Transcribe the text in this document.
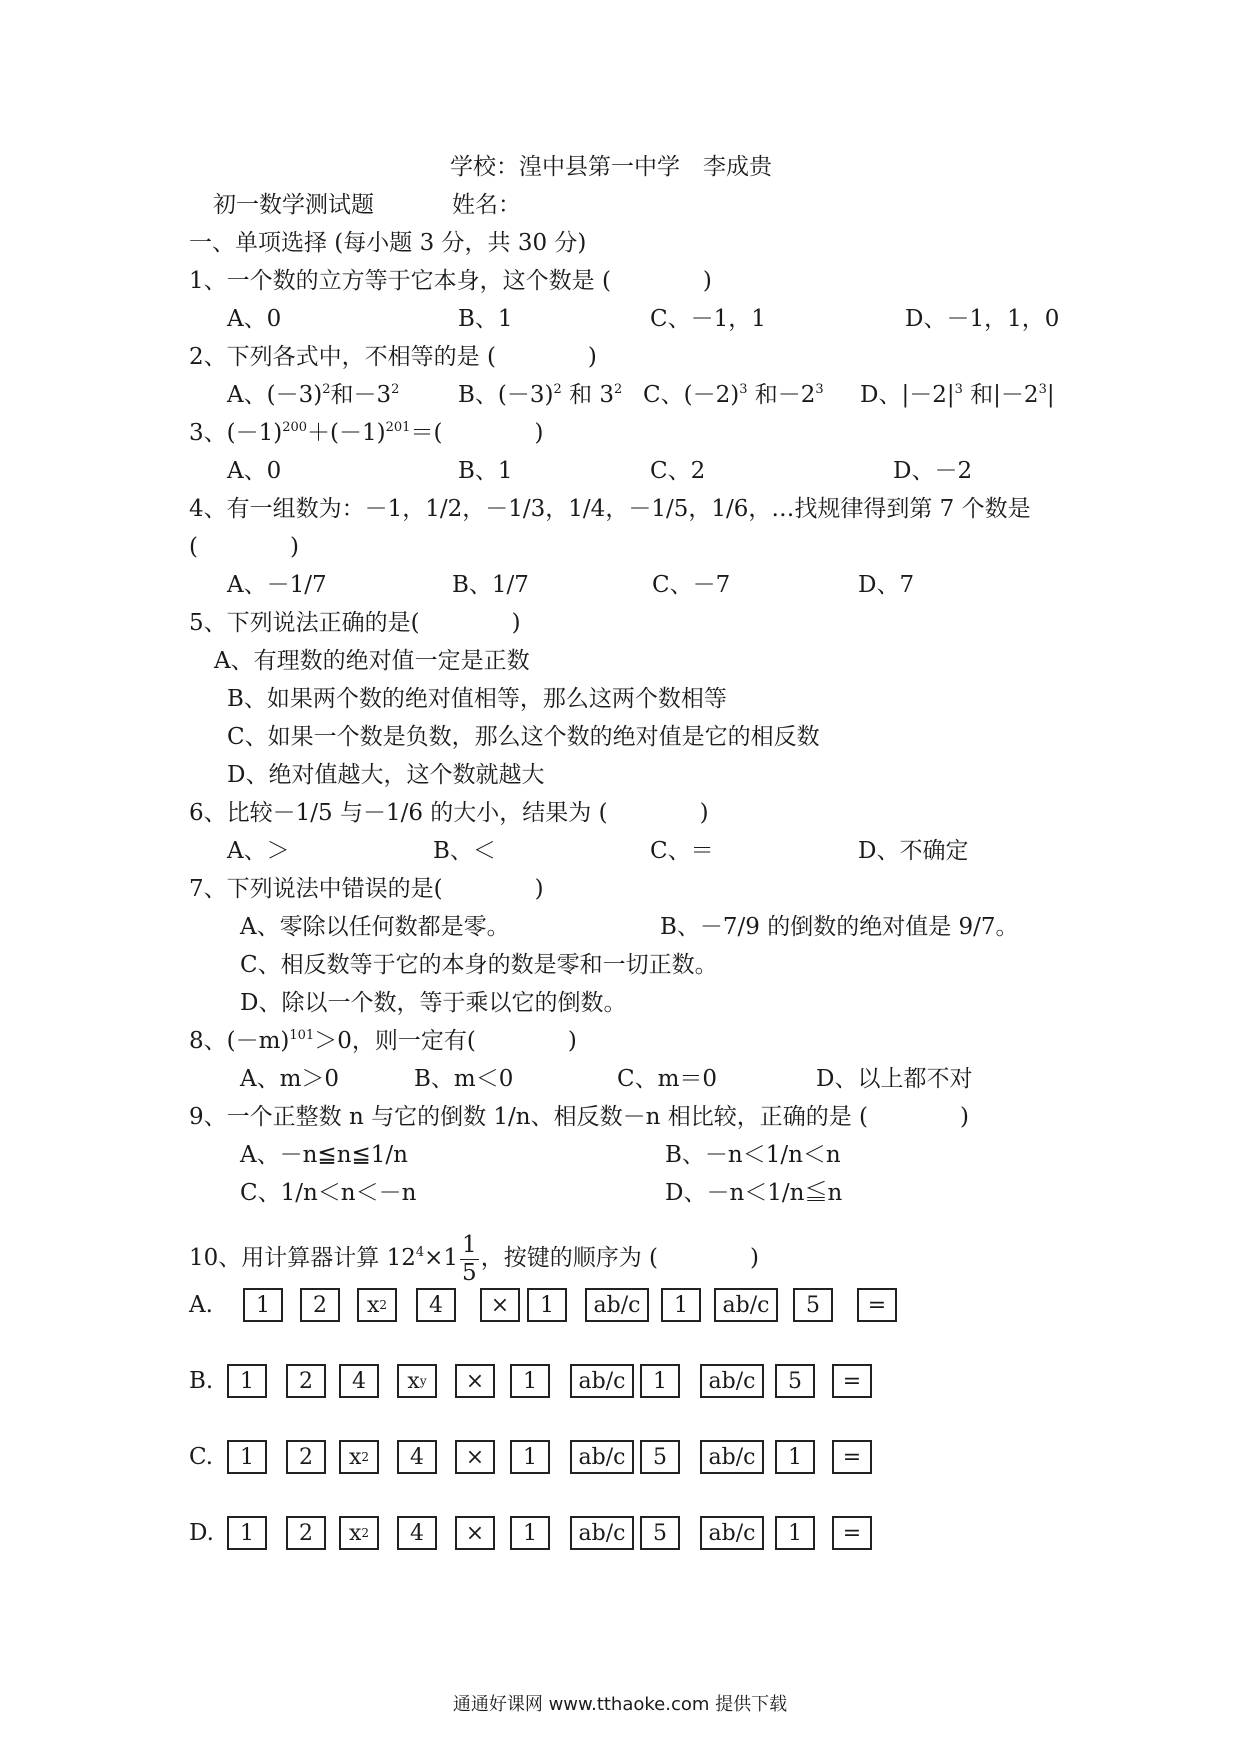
学校：湟中县第一中学　李成贵
初一数学测试题	姓名：
一、单项选择 (每小题 3 分，共 30 分)
1、一个数的立方等于它本身，这个数是 (　　　　)
A、0	B、1	C、－1，1	D、－1，1，0
2、下列各式中，不相等的是 (　　　　)
A、$(-3)^2$和$-3^2$	B、$(-3)^2$ 和 $3^2$ C、$(-2)^3$ 和$-2^3$ D、$|-2|^3$ 和$|-2^3|$
3、$(-1)^{200}+(-1)^{201}=$(　　　　)
A、0	B、1	C、2	D、－2
4、有一组数为：－1，1/2，－1/3，1/4，－1/5，1/6，…找规律得到第 7 个数是
(　　　　)
A、－1/7	B、1/7	C、－7	D、7
5、下列说法正确的是(　　　　)
A、有理数的绝对值一定是正数
B、如果两个数的绝对值相等，那么这两个数相等
C、如果一个数是负数，那么这个数的绝对值是它的相反数
D、绝对值越大，这个数就越大
6、比较－1/5 与－1/6 的大小，结果为 (　　　　)
A、＞	B、＜	C、＝	D、不确定
7、下列说法中错误的是(　　　　)
A、零除以任何数都是零。	B、－7/9 的倒数的绝对值是 9/7。
C、相反数等于它的本身的数是零和一切正数。
D、除以一个数，等于乘以它的倒数。
8、$(-m)^{101}>0$，则一定有(　　　　)
A、m＞0	B、m＜0	C、m＝0	D、以上都不对
9、一个正整数 n 与它的倒数 1/n、相反数－n 相比较，正确的是 (　　　　)
A、－n≦n≦1/n	B、－n＜1/n＜n
C、1/n＜n＜－n	D、－n＜1/n≦n
10、用计算器计算 $12^4\times 1 \frac{1}{5}$ ，按键的顺序为 (　　　　)
A.	1	2	x 2	4	×	1	ab/c	1	ab/c	5	=
B.	1	2	4	x y	×	1	ab/c	1	ab/c	5	=
C.	1	2	x 2	4	×	1	ab/c	5	ab/c	1	=
D.	1	2	x 2	4	×	1	ab/c	5	ab/c	1	=
通通好课网 www.tthaoke.com 提供下载
